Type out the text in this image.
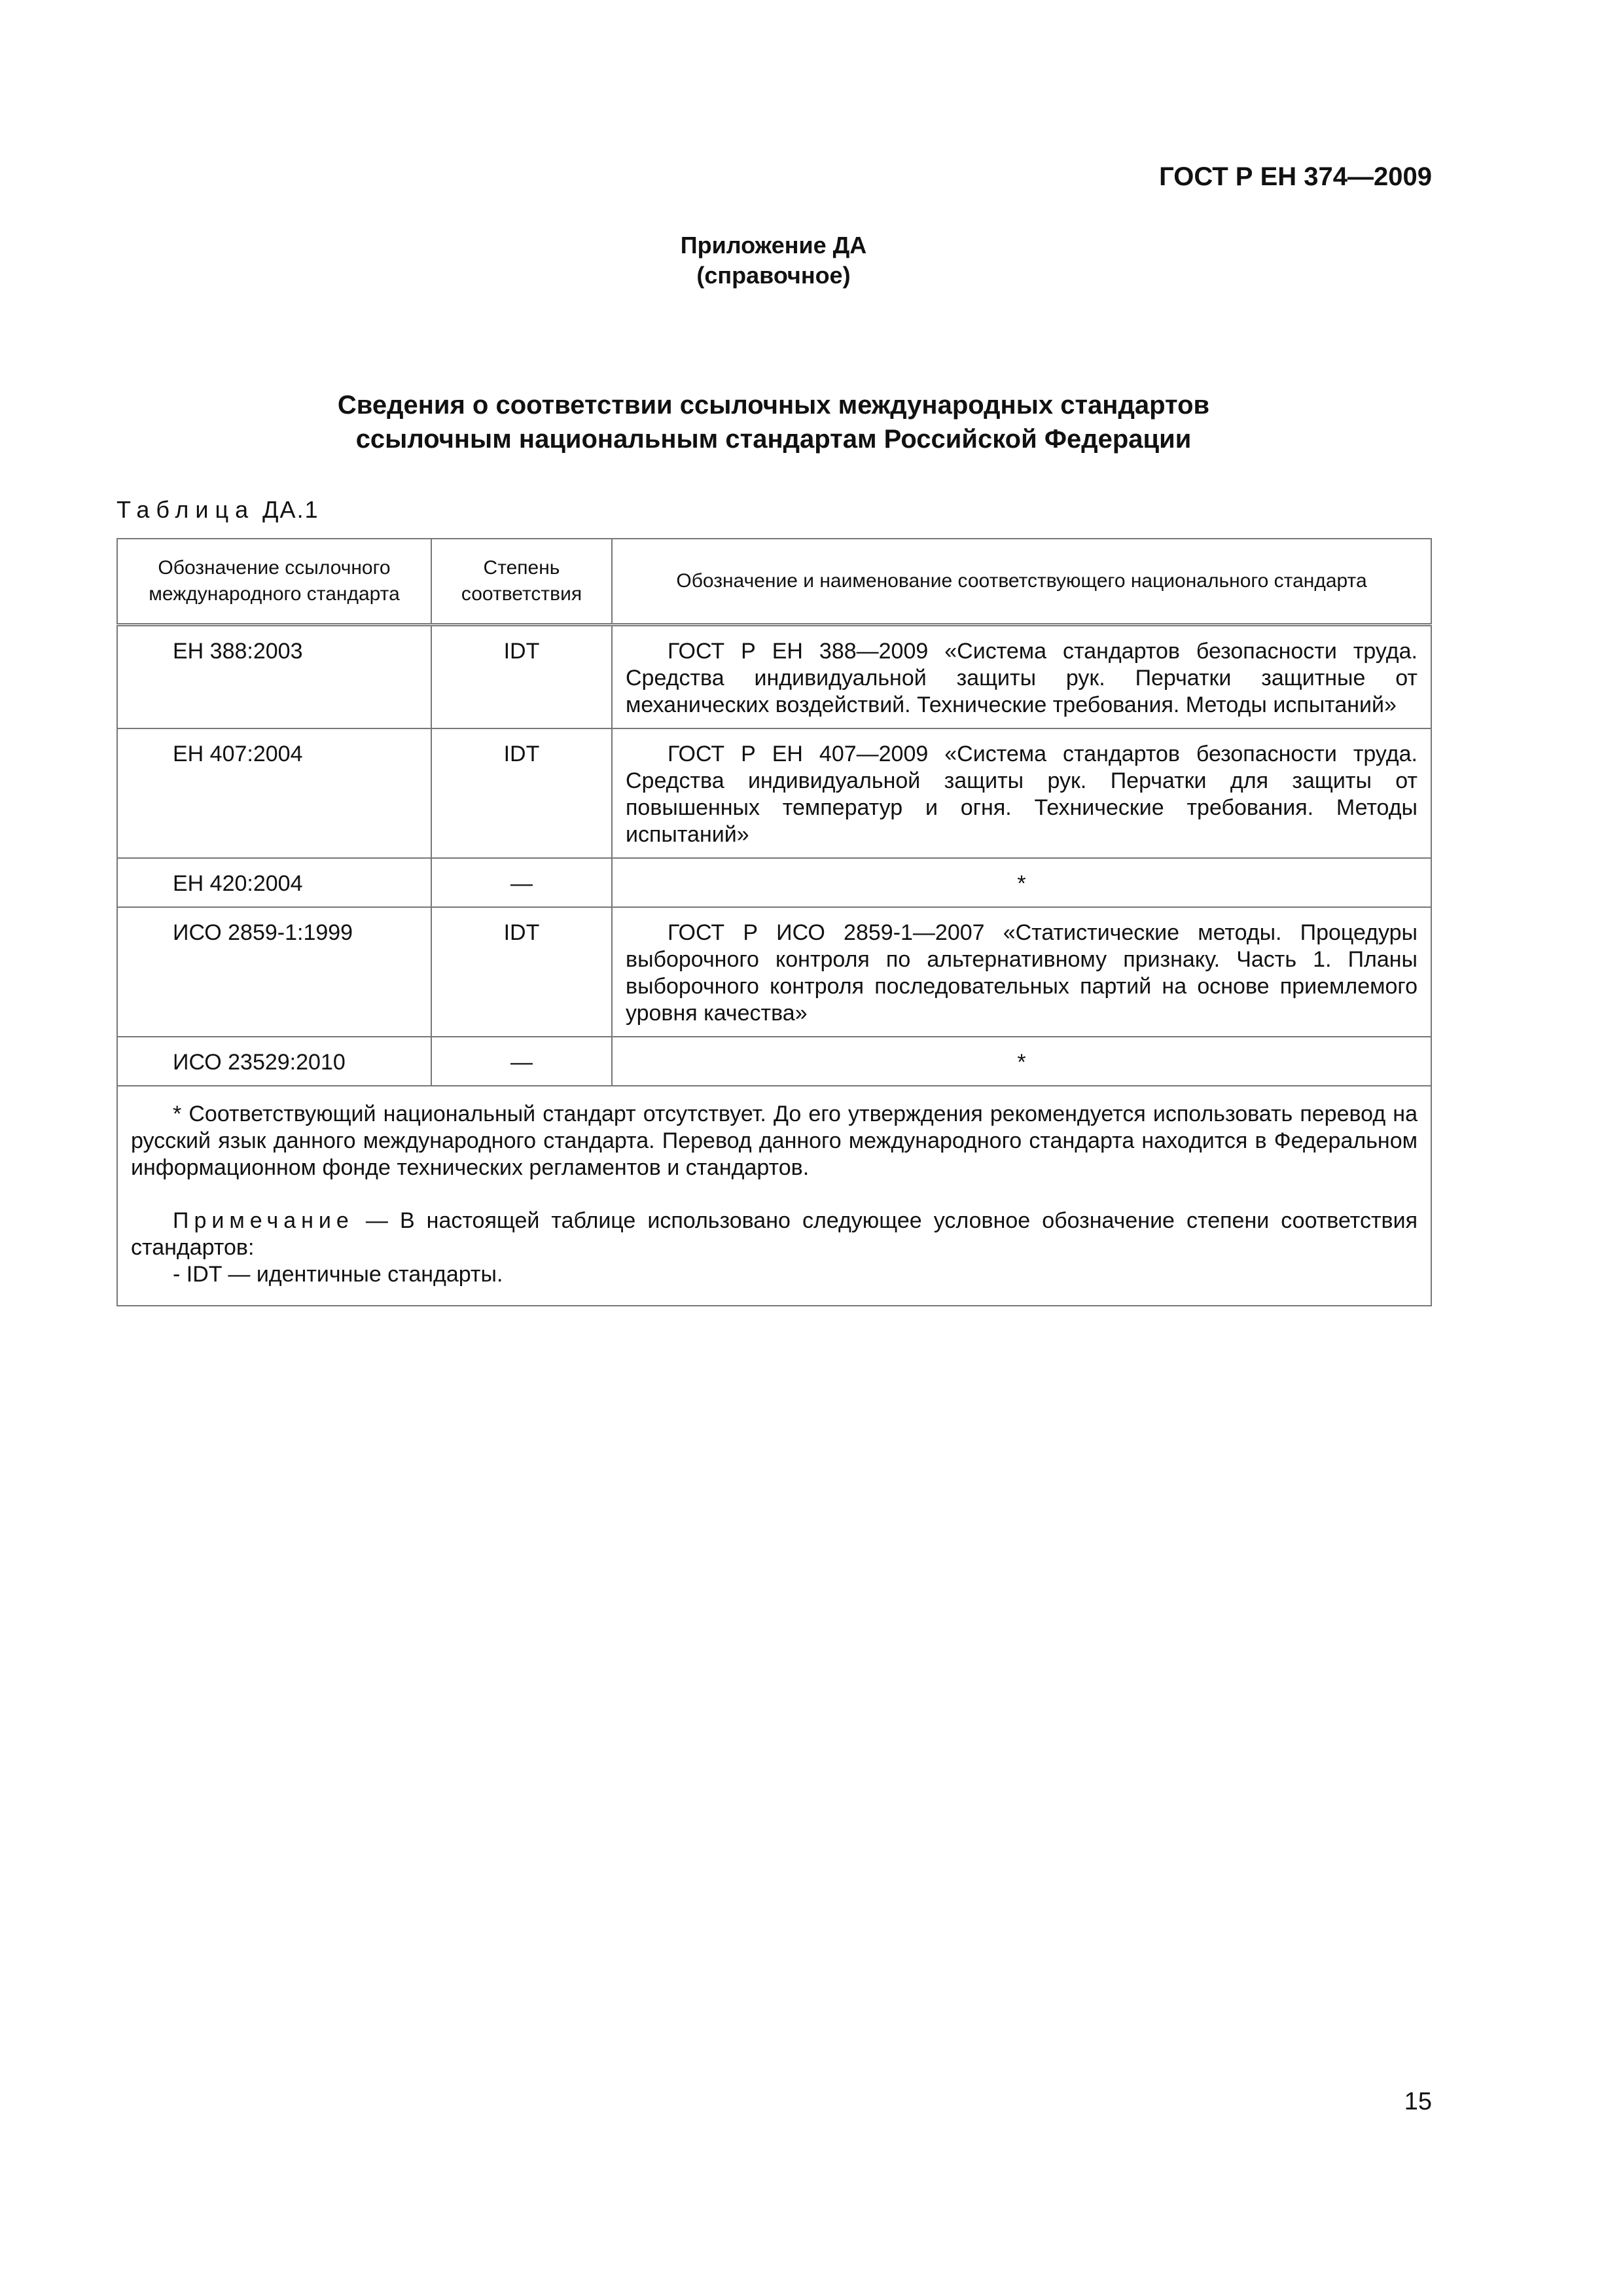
ГОСТ Р ЕН 374—2009
Приложение ДА
(справочное)
Сведения о соответствии ссылочных международных стандартов
ссылочным национальным стандартам Российской Федерации
Таблица ДА.1
Обозначение ссылочного международного стандарта	Степень соответствия	Обозначение и наименование соответствующего национального стандарта
ЕН 388:2003	IDT	ГОСТ Р ЕН 388—2009 «Система стандартов безопасности труда. Средства индивидуальной защиты рук. Перчатки защитные от механических воздействий. Технические требования. Методы испытаний»
ЕН 407:2004	IDT	ГОСТ Р ЕН 407—2009 «Система стандартов безопасности труда. Средства индивидуальной защиты рук. Перчатки для защиты от повышенных температур и огня. Технические требования. Методы испытаний»
ЕН 420:2004	—	*
ИСО 2859-1:1999	IDT	ГОСТ Р ИСО 2859-1—2007 «Статистические методы. Процедуры выборочного контроля по альтернативному признаку. Часть 1. Планы выборочного контроля последовательных партий на основе приемлемого уровня качества»
ИСО 23529:2010	—	*

* Соответствующий национальный стандарт отсутствует. До его утверждения рекомендуется использовать перевод на русский язык данного международного стандарта. Перевод данного международного стандарта находится в Федеральном информационном фонде технических регламентов и стандартов.

Примечание — В настоящей таблице использовано следующее условное обозначение степени соответствия стандартов:

- IDT — идентичные стандарты.		

15
